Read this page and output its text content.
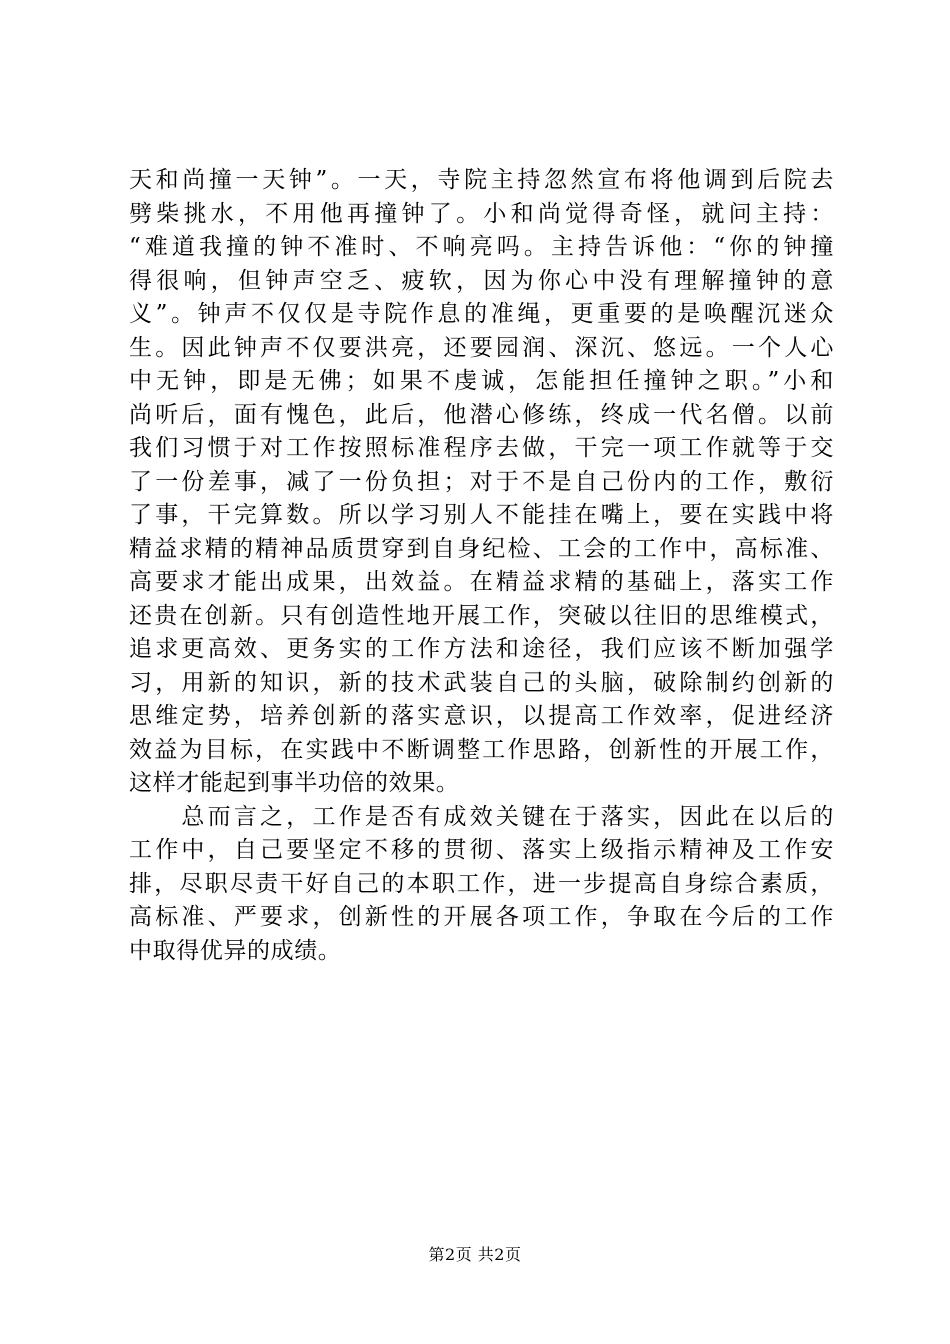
天和尚撞一天钟”。一天，寺院主持忽然宣布将他调到后院去
劈柴挑水，不用他再撞钟了。小和尚觉得奇怪，就问主持：
“难道我撞的钟不准时、不响亮吗。主持告诉他：“你的钟撞
得很响，但钟声空乏、疲软，因为你心中没有理解撞钟的意
义”。钟声不仅仅是寺院作息的准绳，更重要的是唤醒沉迷众
生。因此钟声不仅要洪亮，还要园润、深沉、悠远。一个人心
中无钟，即是无佛；如果不虔诚，怎能担任撞钟之职。”小和
尚听后，面有愧色，此后，他潜心修练，终成一代名僧。以前
我们习惯于对工作按照标准程序去做，干完一项工作就等于交
了一份差事，减了一份负担；对于不是自己份内的工作，敷衍
了事，干完算数。所以学习别人不能挂在嘴上，要在实践中将
精益求精的精神品质贯穿到自身纪检、工会的工作中，高标准、
高要求才能出成果，出效益。在精益求精的基础上，落实工作
还贵在创新。只有创造性地开展工作，突破以往旧的思维模式，
追求更高效、更务实的工作方法和途径，我们应该不断加强学
习，用新的知识，新的技术武装自己的头脑，破除制约创新的
思维定势，培养创新的落实意识，以提高工作效率，促进经济
效益为目标，在实践中不断调整工作思路，创新性的开展工作，
这样才能起到事半功倍的效果。
　　总而言之，工作是否有成效关键在于落实，因此在以后的
工作中，自己要坚定不移的贯彻、落实上级指示精神及工作安
排，尽职尽责干好自己的本职工作，进一步提高自身综合素质，
高标准、严要求，创新性的开展各项工作，争取在今后的工作
中取得优异的成绩。
第2页 共2页
